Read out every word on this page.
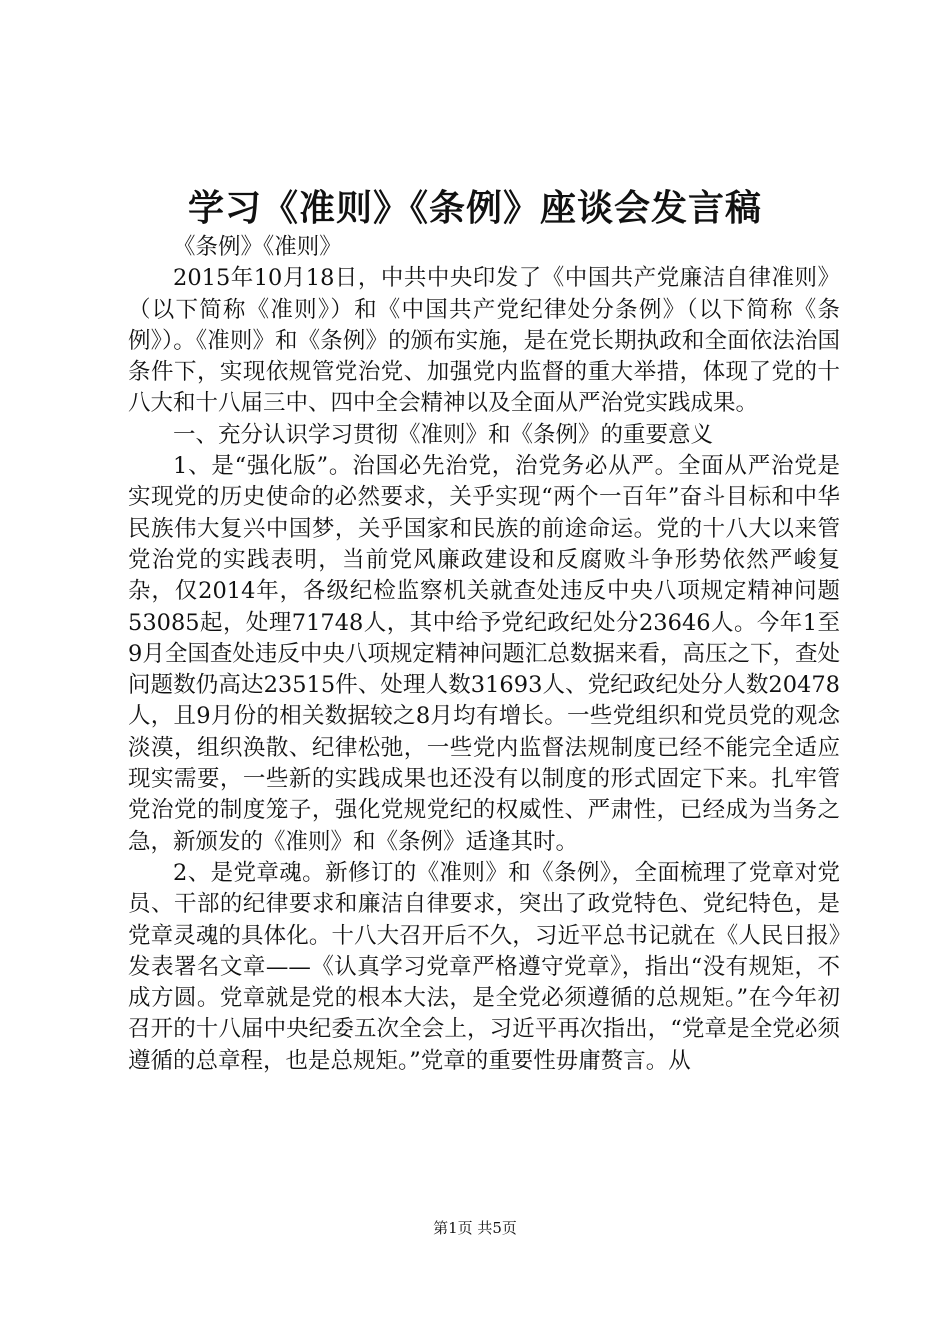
学习《准则》《条例》座谈会发言稿

《条例》《准则》

2015年10月18日，中共中央印发了《中国共产党廉洁自律准则》（以下简称《准则》）和《中国共产党纪律处分条例》（以下简称《条例》）。《准则》和《条例》的颁布实施，是在党长期执政和全面依法治国条件下，实现依规管党治党、加强党内监督的重大举措，体现了党的十八大和十八届三中、四中全会精神以及全面从严治党实践成果。

一、充分认识学习贯彻《准则》和《条例》的重要意义

1、是“强化版”。治国必先治党，治党务必从严。全面从严治党是实现党的历史使命的必然要求，关乎实现“两个一百年”奋斗目标和中华民族伟大复兴中国梦，关乎国家和民族的前途命运。党的十八大以来管党治党的实践表明，当前党风廉政建设和反腐败斗争形势依然严峻复杂，仅2014年，各级纪检监察机关就查处违反中央八项规定精神问题53085起，处理71748人，其中给予党纪政纪处分23646人。今年1至9月全国查处违反中央八项规定精神问题汇总数据来看，高压之下，查处问题数仍高达23515件、处理人数31693人、党纪政纪处分人数20478人，且9月份的相关数据较之8月均有增长。一些党组织和党员党的观念淡漠，组织涣散、纪律松弛，一些党内监督法规制度已经不能完全适应现实需要，一些新的实践成果也还没有以制度的形式固定下来。扎牢管党治党的制度笼子，强化党规党纪的权威性、严肃性，已经成为当务之急，新颁发的《准则》和《条例》适逢其时。

2、是党章魂。新修订的《准则》和《条例》，全面梳理了党章对党员、干部的纪律要求和廉洁自律要求，突出了政党特色、党纪特色，是党章灵魂的具体化。十八大召开后不久，习近平总书记就在《人民日报》发表署名文章——《认真学习党章严格遵守党章》，指出“没有规矩，不成方圆。党章就是党的根本大法，是全党必须遵循的总规矩。”在今年初召开的十八届中央纪委五次全会上，习近平再次指出，“党章是全党必须遵循的总章程，也是总规矩。”党章的重要性毋庸赘言。从

第1页 共5页
